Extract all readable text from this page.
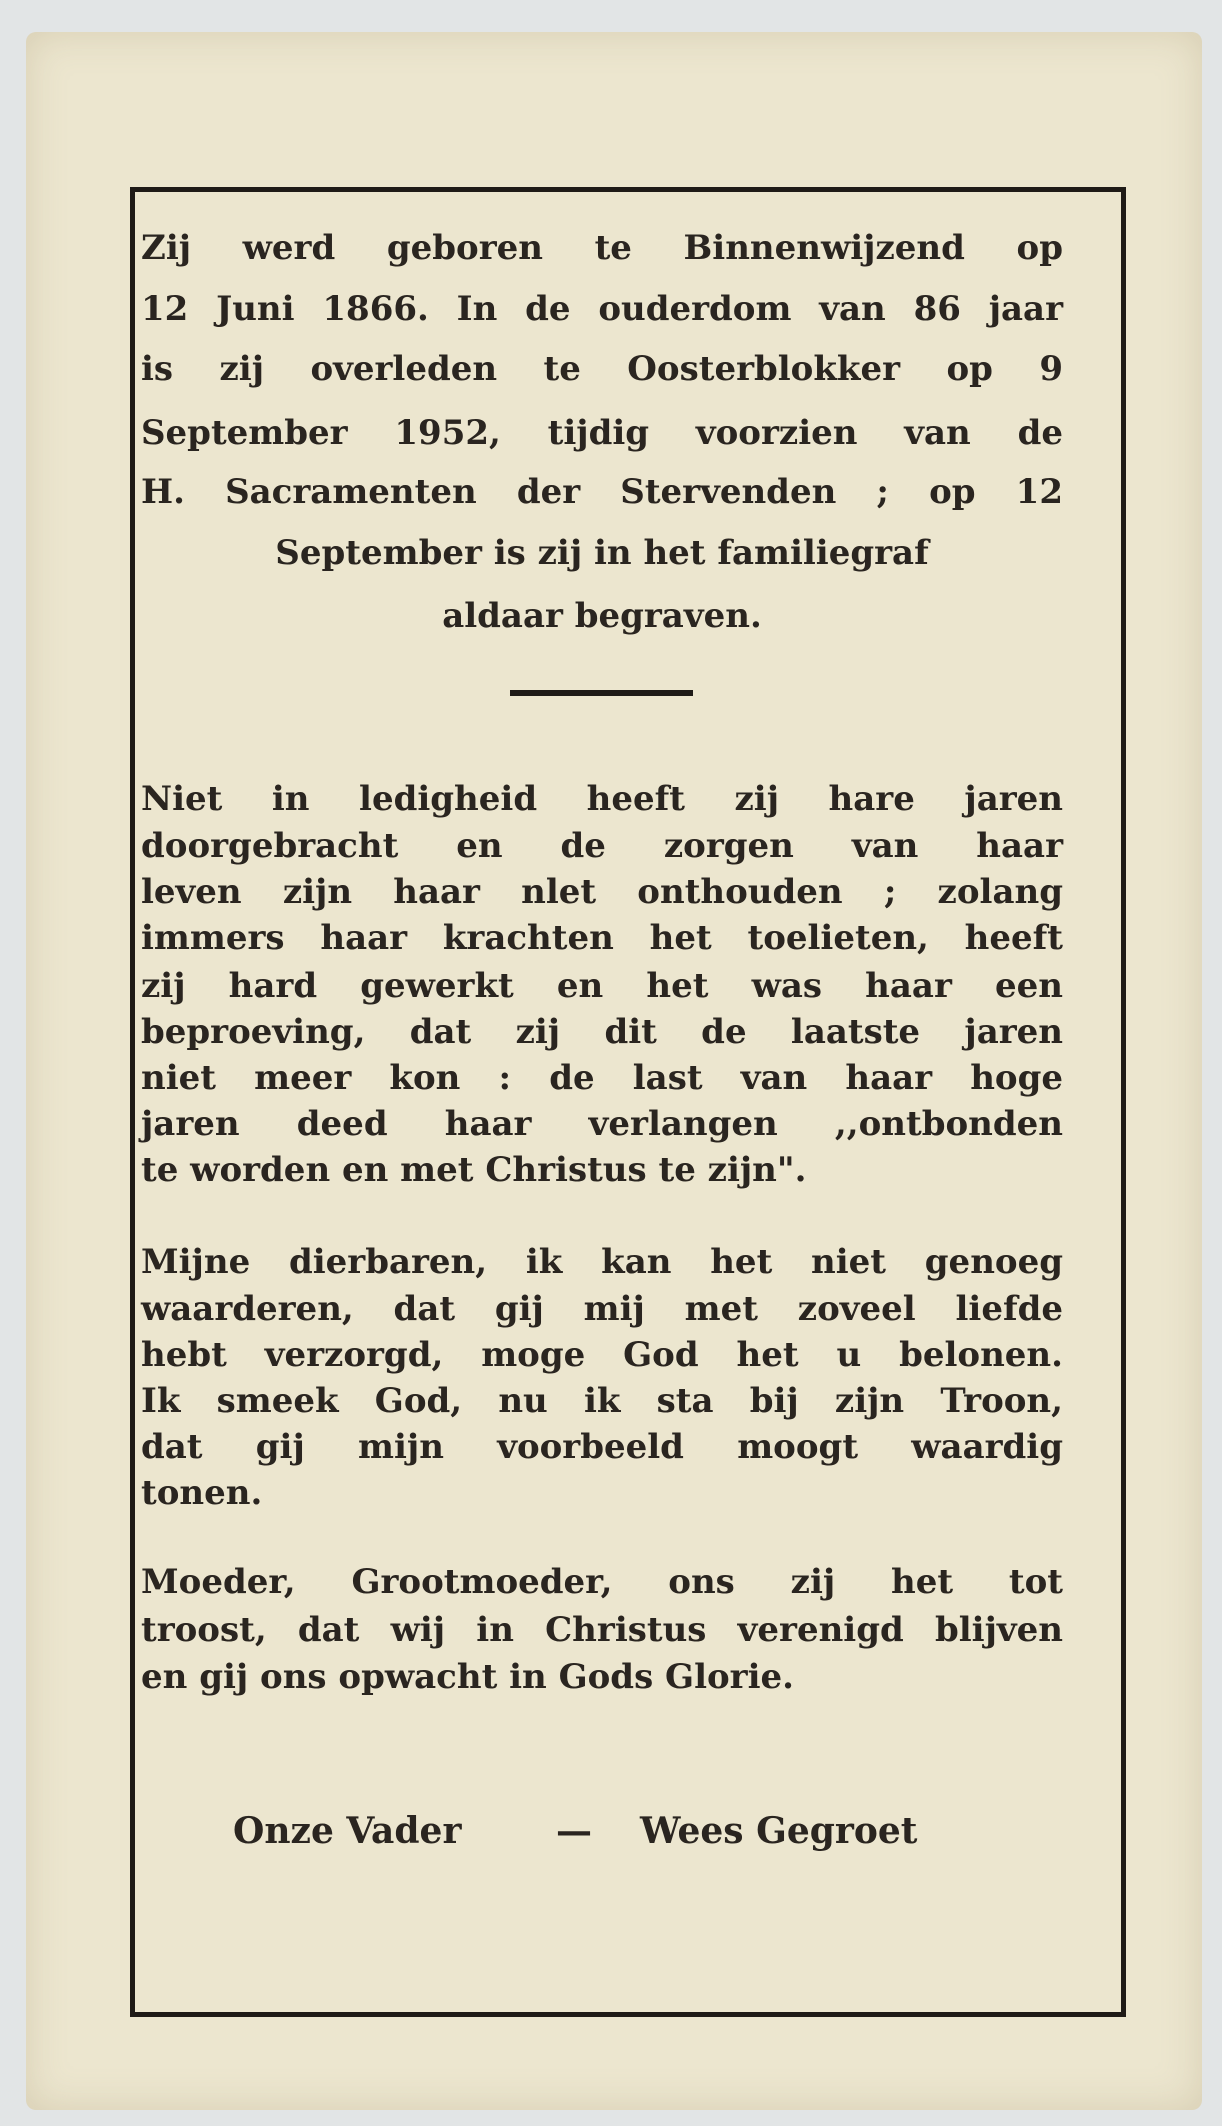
Zij werd geboren te Binnenwijzend op
12 Juni 1866. In de ouderdom van 86 jaar
is zij overleden te Oosterblokker op 9
September 1952, tijdig voorzien van de
H. Sacramenten der Stervenden ; op 12
September is zij in het familiegraf
aldaar begraven.
Niet in ledigheid heeft zij hare jaren
doorgebracht en de zorgen van haar
leven zijn haar nlet onthouden ; zolang
immers haar krachten het toelieten, heeft
zij hard gewerkt en het was haar een
beproeving, dat zij dit de laatste jaren
niet meer kon : de last van haar hoge
jaren deed haar verlangen ,,ontbonden
te worden en met Christus te zijn".
Mijne dierbaren, ik kan het niet genoeg
waarderen, dat gij mij met zoveel liefde
hebt verzorgd, moge God het u belonen.
Ik smeek God, nu ik sta bij zijn Troon,
dat gij mijn voorbeeld moogt waardig
tonen.
Moeder, Grootmoeder, ons zij het tot
troost, dat wij in Christus verenigd blijven
en gij ons opwacht in Gods Glorie.
Onze Vader	— Wees Gegroet
